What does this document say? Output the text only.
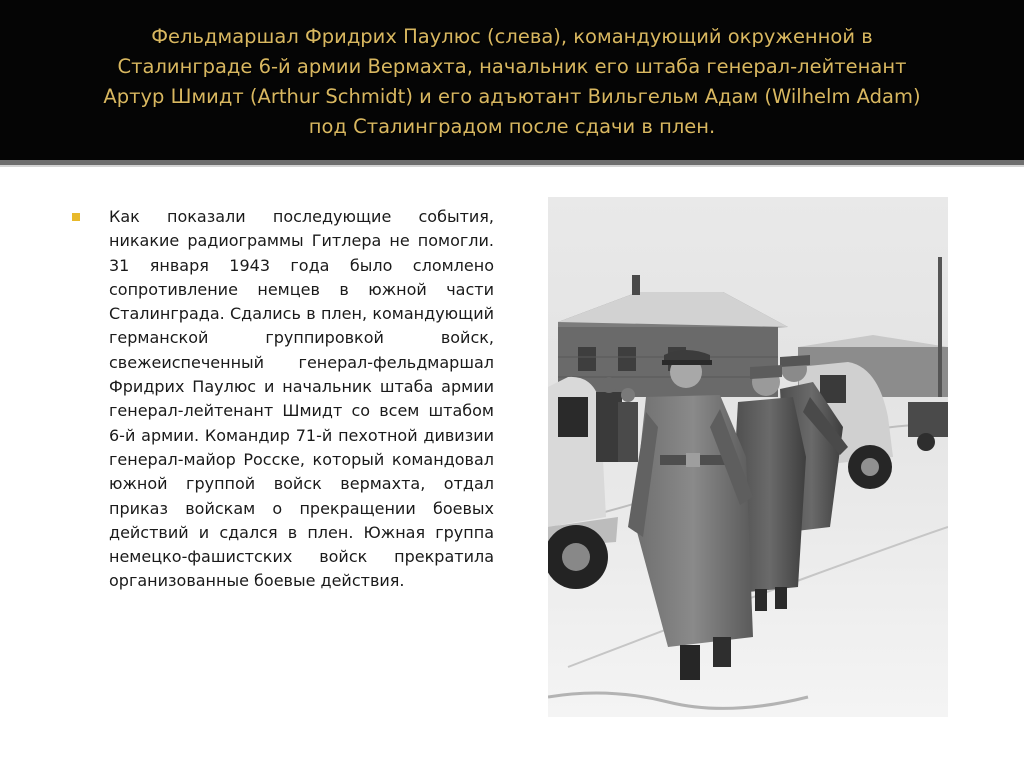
Фельдмаршал Фридрих Паулюс (слева), командующий окруженной в
Сталинграде 6-й армии Вермахта, начальник его штаба генерал-лейтенант
Артур Шмидт (Arthur Schmidt) и его адъютант Вильгельм Адам (Wilhelm Adam)
под Сталинградом после сдачи в плен.

Как показали последующие события, никакие радиограммы Гитлера не помогли. 31 января 1943 года было сломлено сопротивление немцев в южной части Сталинграда. Сдались в плен, командующий германской группировкой войск, свежеиспеченный генерал-фельдмаршал Фридрих Паулюс и начальник штаба армии генерал-лейтенант Шмидт со всем штабом 6-й армии. Командир 71-й пехотной дивизии генерал-майор Росске, который командовал южной группой войск вермахта, отдал приказ войскам о прекращении боевых действий и сдался в плен. Южная группа немецко-фашистских войск прекратила организованные боевые действия.
